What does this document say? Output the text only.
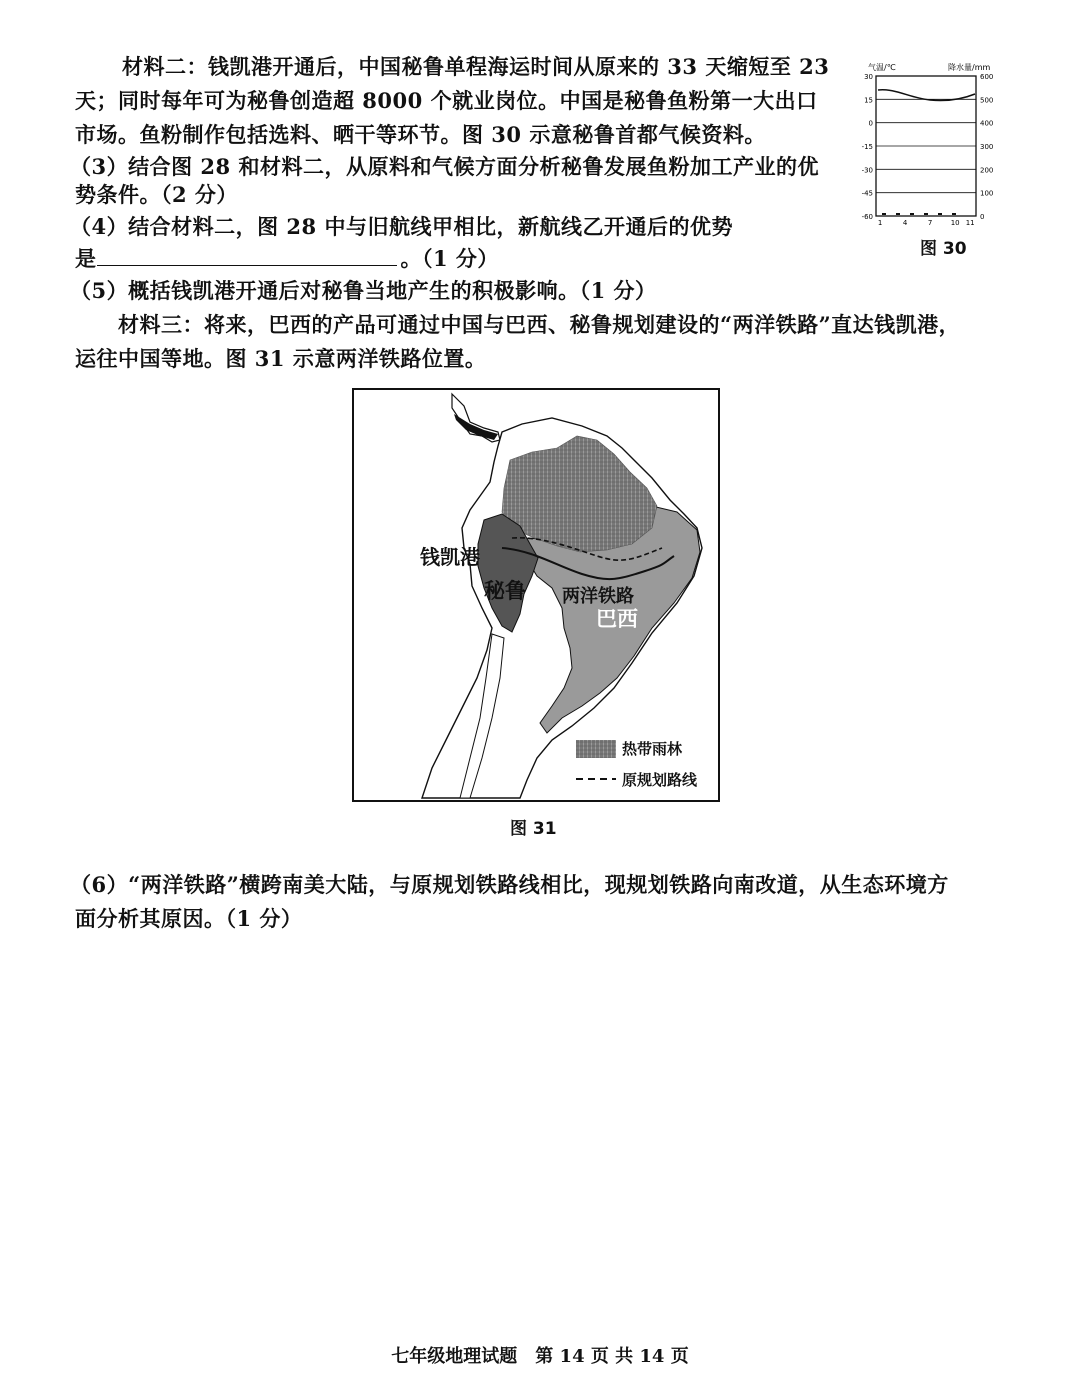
材料二：钱凯港开通后，中国秘鲁单程海运时间从原来的 33 天缩短至 23
天；同时每年可为秘鲁创造超 8000 个就业岗位。中国是秘鲁鱼粉第一大出口
市场。鱼粉制作包括选料、晒干等环节。图 30 示意秘鲁首都气候资料。
（3）结合图 28 和材料二，从原料和气候方面分析秘鲁发展鱼粉加工产业的优
势条件。（2 分）
（4）结合材料二，图 28 中与旧航线甲相比，新航线乙开通后的优势
是	。（1 分）
（5）概括钱凯港开通后对秘鲁当地产生的积极影响。（1 分）
材料三：将来，巴西的产品可通过中国与巴西、秘鲁规划建设的“两洋铁路”直达钱凯港，
运往中国等地。图 31 示意两洋铁路位置。
气温/℃	降水量/mm
30
15
0
-15
-30
-45
-60
600
500
400
300
200
100
0
1	4	7	10 11
图 30
钱凯港
秘鲁 两洋铁路
巴西
热带雨林
原规划路线
图 31
（6）“两洋铁路”横跨南美大陆，与原规划铁路线相比，现规划铁路向南改道，从生态环境方
面分析其原因。（1 分）
七年级地理试题　第 14 页 共 14 页
